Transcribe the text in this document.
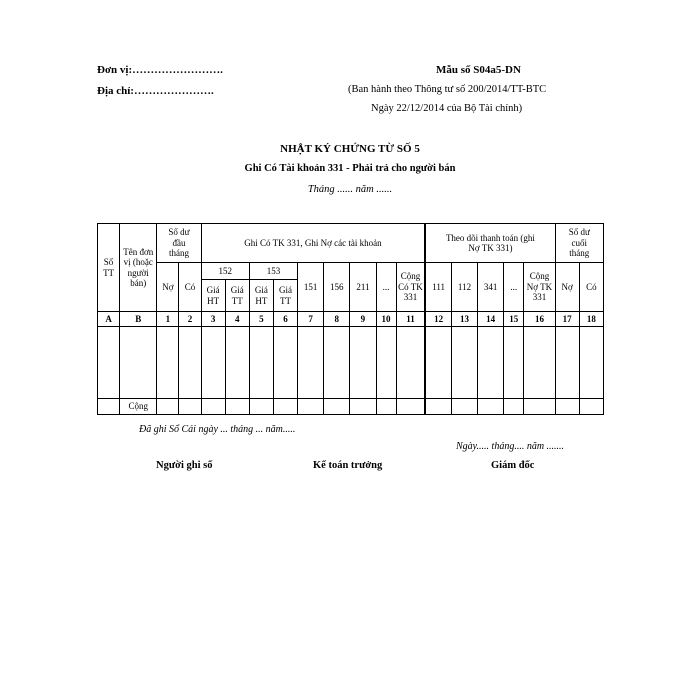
Đơn vị:…………………….
Địa chỉ:………………….
Mẫu số S04a5-DN
(Ban hành theo Thông tư số 200/2014/TT-BTC
Ngày 22/12/2014 của Bộ Tài chính)
NHẬT KÝ CHỨNG TỪ SỐ 5
Ghi Có Tài khoản 331 - Phải trả cho người bán
Tháng ...... năm ......
Số TT	Tên đơn vị (hoặc người bán)	Số dư đầu tháng		Ghi Có TK 331, Ghi Nợ các tài khoản									Theo dõi thanh toán (ghi Nợ TK 331)					Số dư cuối tháng	
		Nợ	Có	152		153		151	156	211	...	Cộng Có TK 331	111	112	341	...	Cộng Nợ TK 331	Nợ	Có
				Giá HT	Giá TT	Giá HT	Giá TT												
A	B	1	2	3	4	5	6	7	8	9	10	11	12	13	14	15	16	17	18

	Cộng																		
Đã ghi Sổ Cái ngày ... tháng ... năm.....
Ngày..... tháng.... năm .......
Người ghi số	Kế toán trưởng	Giám đốc
